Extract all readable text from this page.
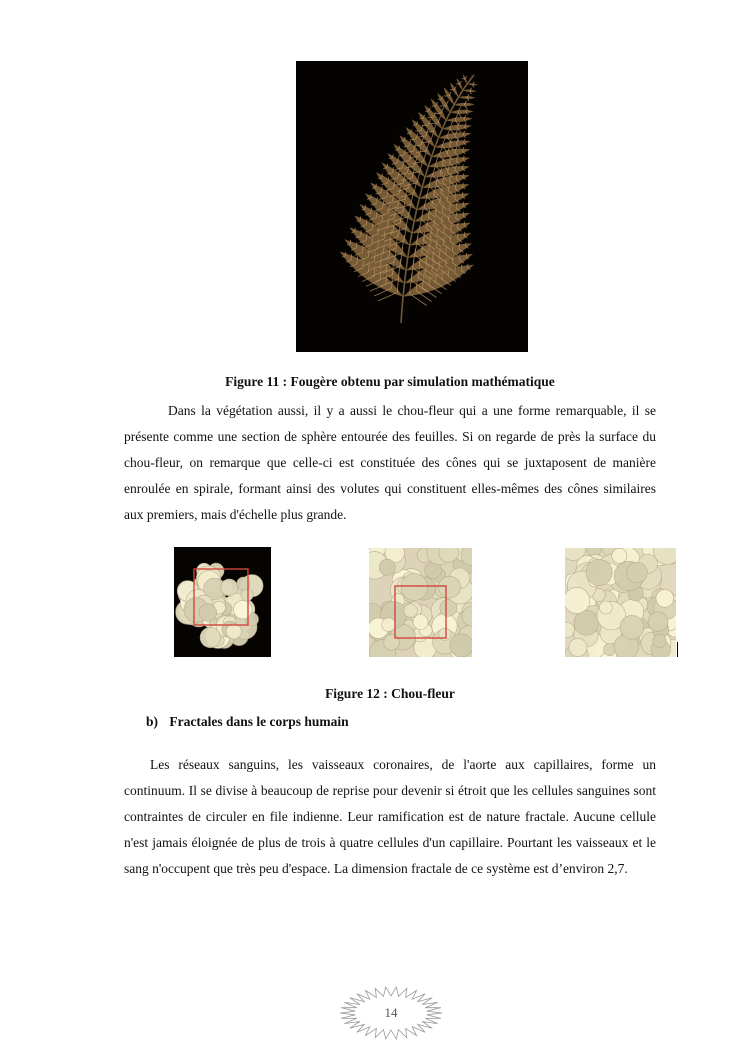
Figure 11 : Fougère obtenu par simulation mathématique
Dans la végétation aussi, il y a aussi le chou-fleur qui a une forme remarquable, il se présente comme une section de sphère entourée des feuilles. Si on regarde de près la surface du chou-fleur, on remarque que celle-ci est constituée des cônes qui se juxtaposent de manière enroulée en spirale, formant ainsi des volutes qui constituent elles-mêmes des cônes similaires aux premiers, mais d'échelle plus grande.
Figure 12 : Chou-fleur
b) Fractales dans le corps humain
Les réseaux sanguins, les vaisseaux coronaires, de l'aorte aux capillaires, forme un continuum. Il se divise à beaucoup de reprise pour devenir si étroit que les cellules sanguines sont contraintes de circuler en file indienne. Leur ramification est de nature fractale. Aucune cellule n'est jamais éloignée de plus de trois à quatre cellules d'un capillaire. Pourtant les vaisseaux et le sang n'occupent que très peu d'espace. La dimension fractale de ce système est d’environ 2,7.
14
